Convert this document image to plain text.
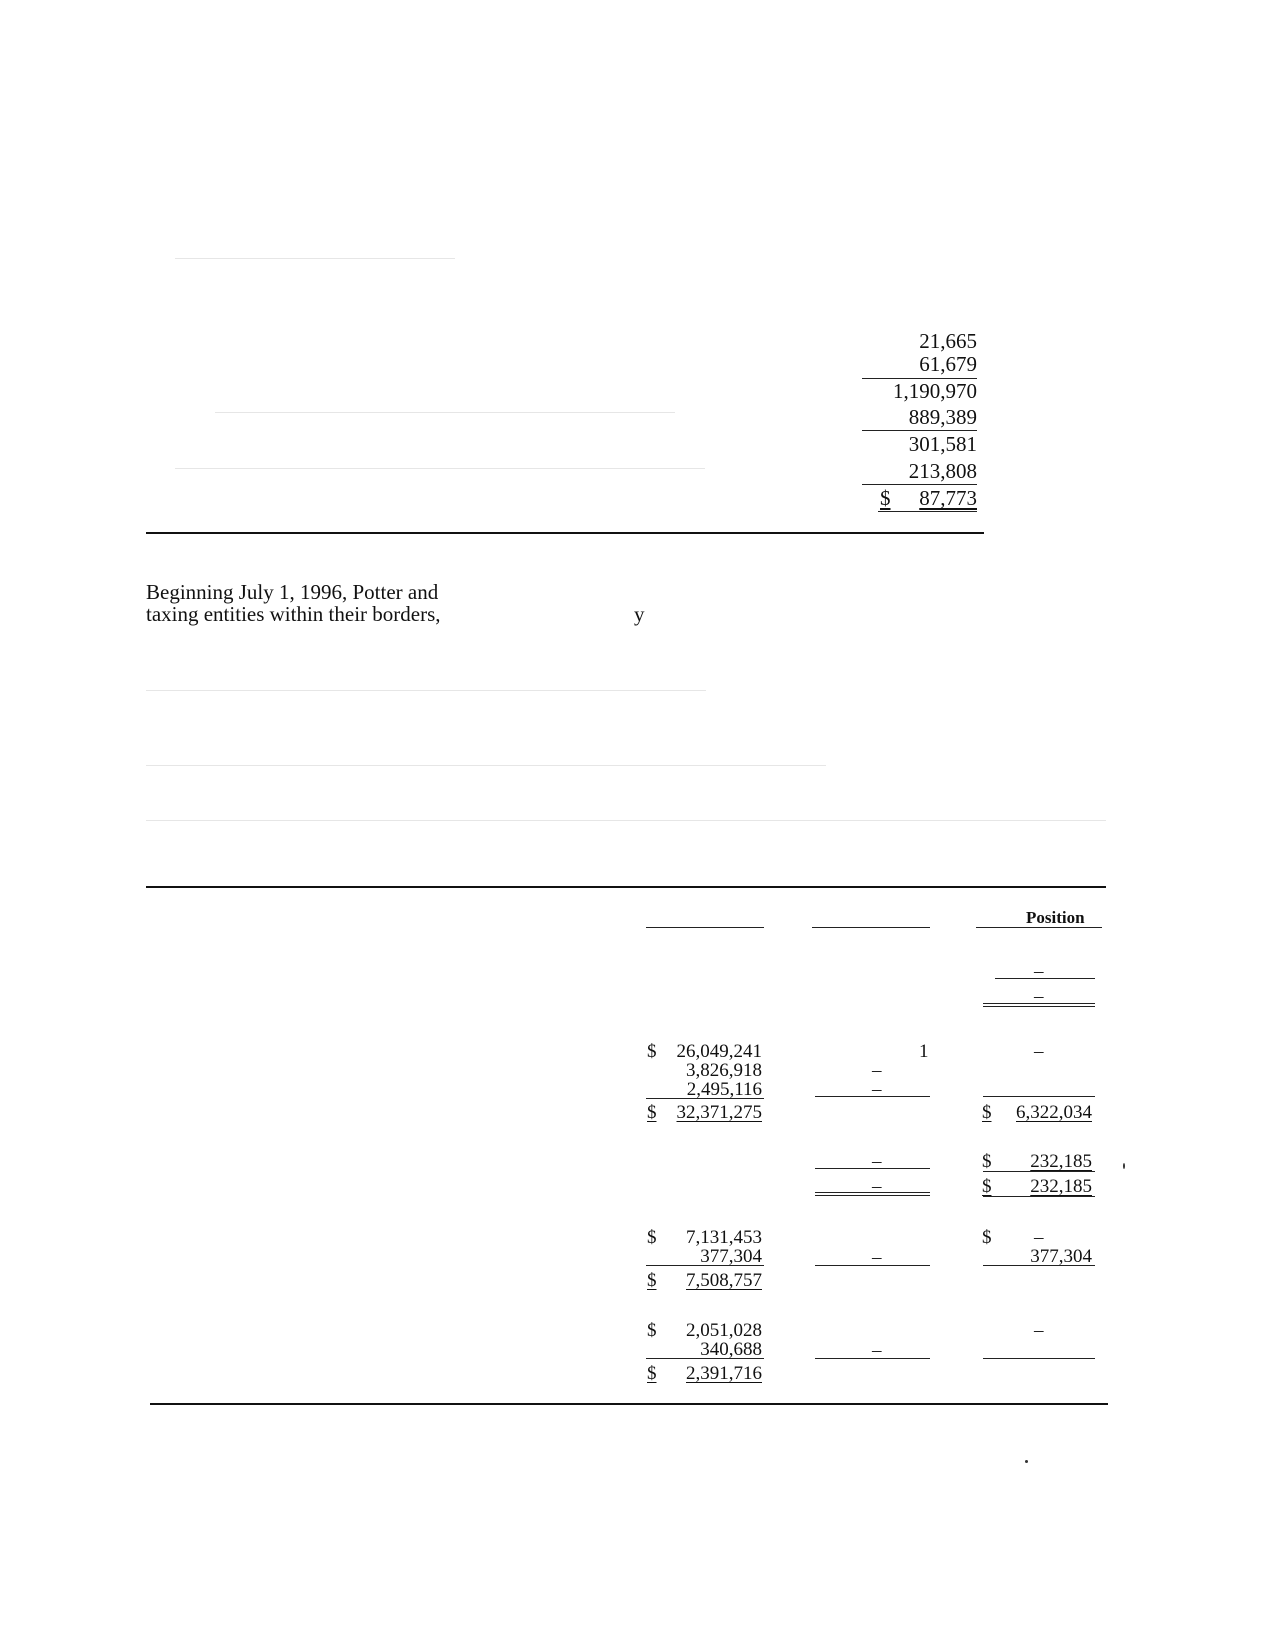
21,665
61,679
1,190,970
889,389
301,581
213,808
$ 87,773
Beginning July 1, 1996, Potter and
taxing entities within their borders,	y
Position
–
–
$ 26,049,241
3,826,918
2,495,116
$ 32,371,275
1
–
–
–
$ 6,322,034
–
–
$ 232,185
$ 232,185
$ 7,131,453
377,304
$ 7,508,757
–
$ –
377,304
$ 2,051,028
340,688
$ 2,391,716
–
–
